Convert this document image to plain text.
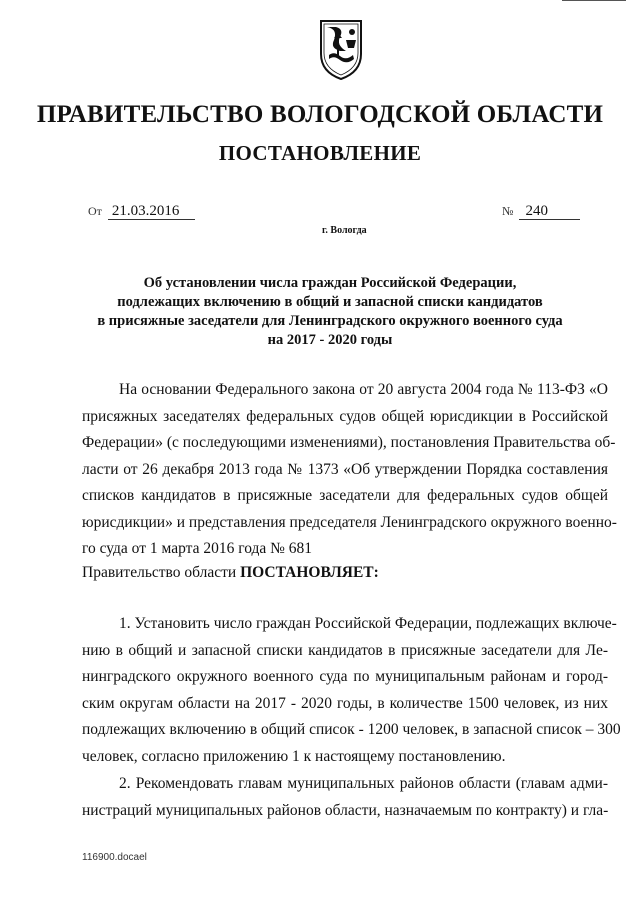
ПРАВИТЕЛЬСТВО ВОЛОГОДСКОЙ ОБЛАСТИ
ПОСТАНОВЛЕНИЕ
От 21.03.2016	№ 240
г. Вологда
Об установлении числа граждан Российской Федерации,
подлежащих включению в общий и запасной списки кандидатов
в присяжные заседатели для Ленинградского окружного военного суда
на 2017 - 2020 годы
На основании Федерального закона от 20 августа 2004 года № 113-ФЗ «О
присяжных заседателях федеральных судов общей юрисдикции в Российской
Федерации» (с последующими изменениями), постановления Правительства об-
ласти от 26 декабря 2013 года № 1373 «Об утверждении Порядка составления
списков кандидатов в присяжные заседатели для федеральных судов общей
юрисдикции» и представления председателя Ленинградского окружного военно-
го суда от 1 марта 2016 года № 681
Правительство области ПОСТАНОВЛЯЕТ:
1. Установить число граждан Российской Федерации, подлежащих включе-
нию в общий и запасной списки кандидатов в присяжные заседатели для Ле-
нинградского окружного военного суда по муниципальным районам и город-
ским округам области на 2017 - 2020 годы, в количестве 1500 человек, из них
подлежащих включению в общий список - 1200 человек, в запасной список – 300
человек, согласно приложению 1 к настоящему постановлению.
2. Рекомендовать главам муниципальных районов области (главам адми-
нистраций муниципальных районов области, назначаемым по контракту) и гла-
116900.docael
